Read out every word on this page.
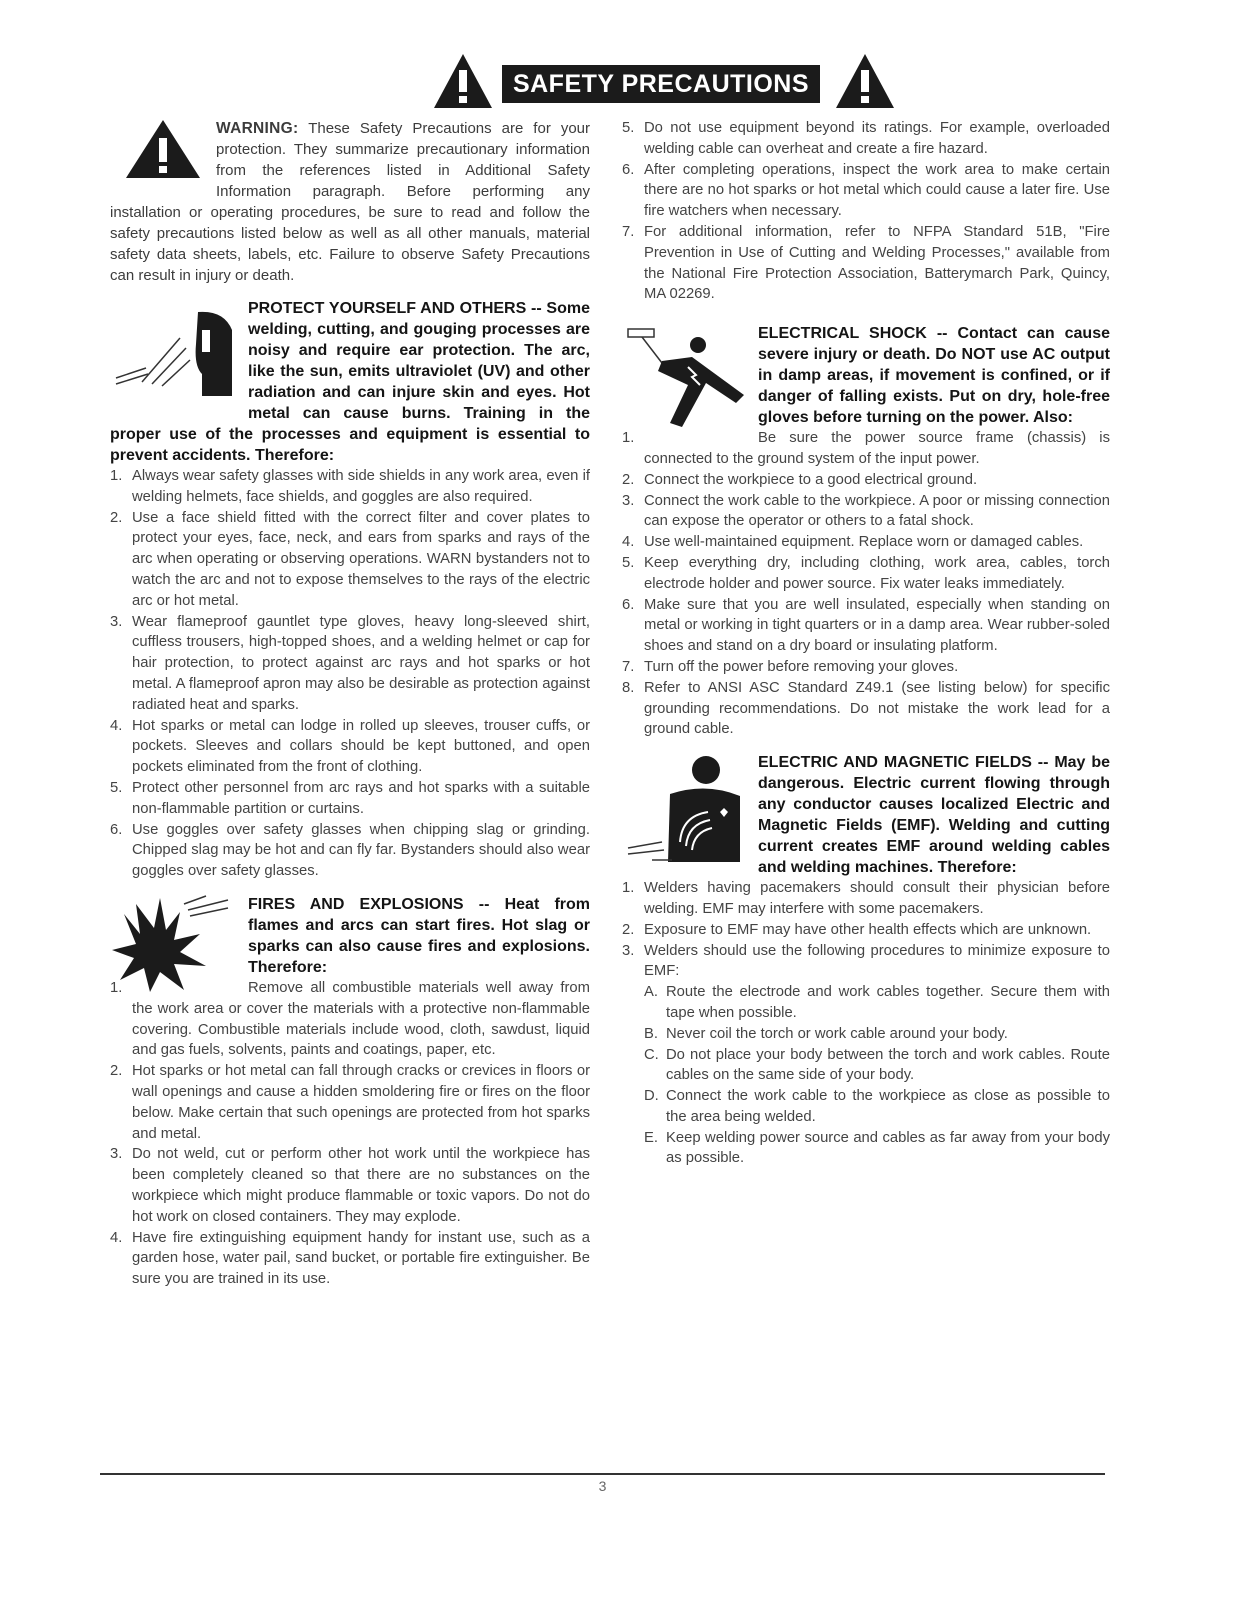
SAFETY PRECAUTIONS

WARNING: These Safety Precautions are for your protection. They summarize precautionary information from the references listed in Additional Safety Information paragraph. Before performing any installation or operating procedures, be sure to read and follow the safety precautions listed below as well as all other manuals, material safety data sheets, labels, etc. Failure to observe Safety Precautions can result in injury or death.

PROTECT YOURSELF AND OTHERS -- Some welding, cutting, and gouging processes are noisy and require ear protection. The arc, like the sun, emits ultraviolet (UV) and other radiation and can injure skin and eyes. Hot metal can cause burns. Training in the proper use of the processes and equipment is essential to prevent accidents. Therefore:

1. Always wear safety glasses with side shields in any work area, even if welding helmets, face shields, and goggles are also required.
2. Use a face shield fitted with the correct filter and cover plates to protect your eyes, face, neck, and ears from sparks and rays of the arc when operating or observing operations. WARN bystanders not to watch the arc and not to expose themselves to the rays of the electric arc or hot metal.
3. Wear flameproof gauntlet type gloves, heavy long-sleeved shirt, cuffless trousers, high-topped shoes, and a welding helmet or cap for hair protection, to protect against arc rays and hot sparks or hot metal. A flameproof apron may also be desirable as protection against radiated heat and sparks.
4. Hot sparks or metal can lodge in rolled up sleeves, trouser cuffs, or pockets. Sleeves and collars should be kept buttoned, and open pockets eliminated from the front of clothing.
5. Protect other personnel from arc rays and hot sparks with a suitable non-flammable partition or curtains.
6. Use goggles over safety glasses when chipping slag or grinding. Chipped slag may be hot and can fly far. Bystanders should also wear goggles over safety glasses.

FIRES AND EXPLOSIONS -- Heat from flames and arcs can start fires. Hot slag or sparks can also cause fires and explosions. Therefore:

1.	Remove all combustible materials well away from the work area or cover the materials with a protective non-flammable covering. Combustible materials include wood, cloth, sawdust, liquid and gas fuels, solvents, paints and coatings, paper, etc.
2. Hot sparks or hot metal can fall through cracks or crevices in floors or wall openings and cause a hidden smoldering fire or fires on the floor below. Make certain that such openings are protected from hot sparks and metal.
3. Do not weld, cut or perform other hot work until the workpiece has been completely cleaned so that there are no substances on the workpiece which might produce flammable or toxic vapors. Do not do hot work on closed containers. They may explode.
4. Have fire extinguishing equipment handy for instant use, such as a garden hose, water pail, sand bucket, or portable fire extinguisher. Be sure you are trained in its use.
5. Do not use equipment beyond its ratings. For example, overloaded welding cable can overheat and create a fire hazard.
6. After completing operations, inspect the work area to make certain there are no hot sparks or hot metal which could cause a later fire. Use fire watchers when necessary.
7. For additional information, refer to NFPA Standard 51B, "Fire Prevention in Use of Cutting and Welding Processes," available from the National Fire Protection Association, Batterymarch Park, Quincy, MA 02269.

ELECTRICAL SHOCK -- Contact can cause severe injury or death. Do NOT use AC output in damp areas, if movement is confined, or if danger of falling exists. Put on dry, hole-free gloves before turning on the power. Also:

1.	Be sure the power source frame (chassis) is connected to the ground system of the input power.
2. Connect the workpiece to a good electrical ground.
3. Connect the work cable to the workpiece. A poor or missing connection can expose the operator or others to a fatal shock.
4. Use well-maintained equipment. Replace worn or damaged cables.
5. Keep everything dry, including clothing, work area, cables, torch electrode holder and power source. Fix water leaks immediately.
6. Make sure that you are well insulated, especially when standing on metal or working in tight quarters or in a damp area. Wear rubber-soled shoes and stand on a dry board or insulating platform.
7. Turn off the power before removing your gloves.
8. Refer to ANSI ASC Standard Z49.1 (see listing below) for specific grounding recommendations. Do not mistake the work lead for a ground cable.

ELECTRIC AND MAGNETIC FIELDS -- May be dangerous. Electric current flowing through any conductor causes localized Electric and Magnetic Fields (EMF). Welding and cutting current creates EMF around welding cables and welding machines. Therefore:

1. Welders having pacemakers should consult their physician before welding. EMF may interfere with some pacemakers.
2. Exposure to EMF may have other health effects which are unknown.
3. Welders should use the following procedures to minimize exposure to EMF:
A. Route the electrode and work cables together. Secure them with tape when possible.
B. Never coil the torch or work cable around your body.
C. Do not place your body between the torch and work cables. Route cables on the same side of your body.
D. Connect the work cable to the workpiece as close as possible to the area being welded.
E. Keep welding power source and cables as far away from your body as possible.
3
